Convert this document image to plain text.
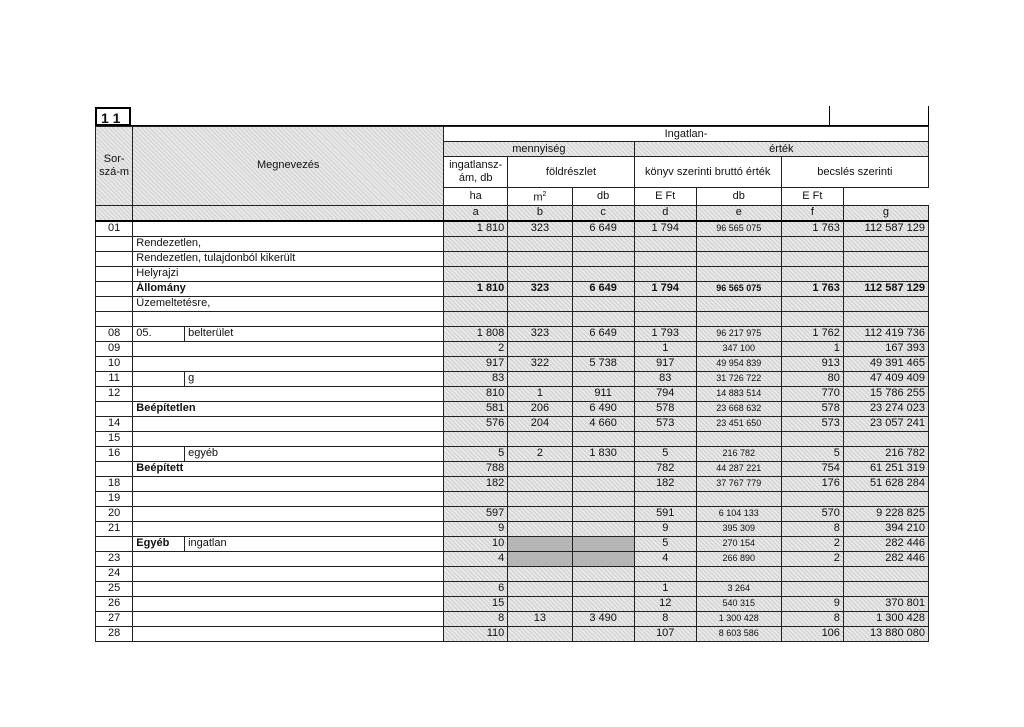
1 1
Sor-szá-m	Megnevezés		Ingatlan-						
			mennyiség			érték			
			ingatlansz-ám, db	földrészlet		könyv szerinti bruttó érték		becslés szerinti	

			ha	$m^2$	db	E Ft	db	E Ft	
			a	b	c	d	e	f	g
01			1 810	323	6 649	1 794	96 565 075	1 763	112 587 129
	Rendezetlen,								
	Rendezetlen, tulajdonból kikerült								
	Helyrajzi								
	Állomány		1 810	323	6 649	1 794	96 565 075	1 763	112 587 129
	Üzemeltetésre,								

08	05.	belterület	1 808	323	6 649	1 793	96 217 975	1 762	112 419 736
09			2			1	347 100	1	167 393
10			917	322	5 738	917	49 954 839	913	49 391 465
11		g	83			83	31 726 722	80	47 409 409
12			810	1	911	794	14 883 514	770	15 786 255
	Beépítetlen		581	206	6 490	578	23 668 632	578	23 274 023
14			576	204	4 660	573	23 451 650	573	23 057 241
15									
16		egyéb	5	2	1 830	5	216 782	5	216 782
	Beépített		788			782	44 287 221	754	61 251 319
18			182			182	37 767 779	176	51 628 284
19									
20			597			591	6 104 133	570	9 228 825
21			9			9	395 309	8	394 210
	Egyéb	ingatlan	10			5	270 154	2	282 446
23			4			4	266 890	2	282 446
24									
25			6			1	3 264		
26			15			12	540 315	9	370 801
27			8	13	3 490	8	1 300 428	8	1 300 428
28			110			107	8 603 586	106	13 880 080
